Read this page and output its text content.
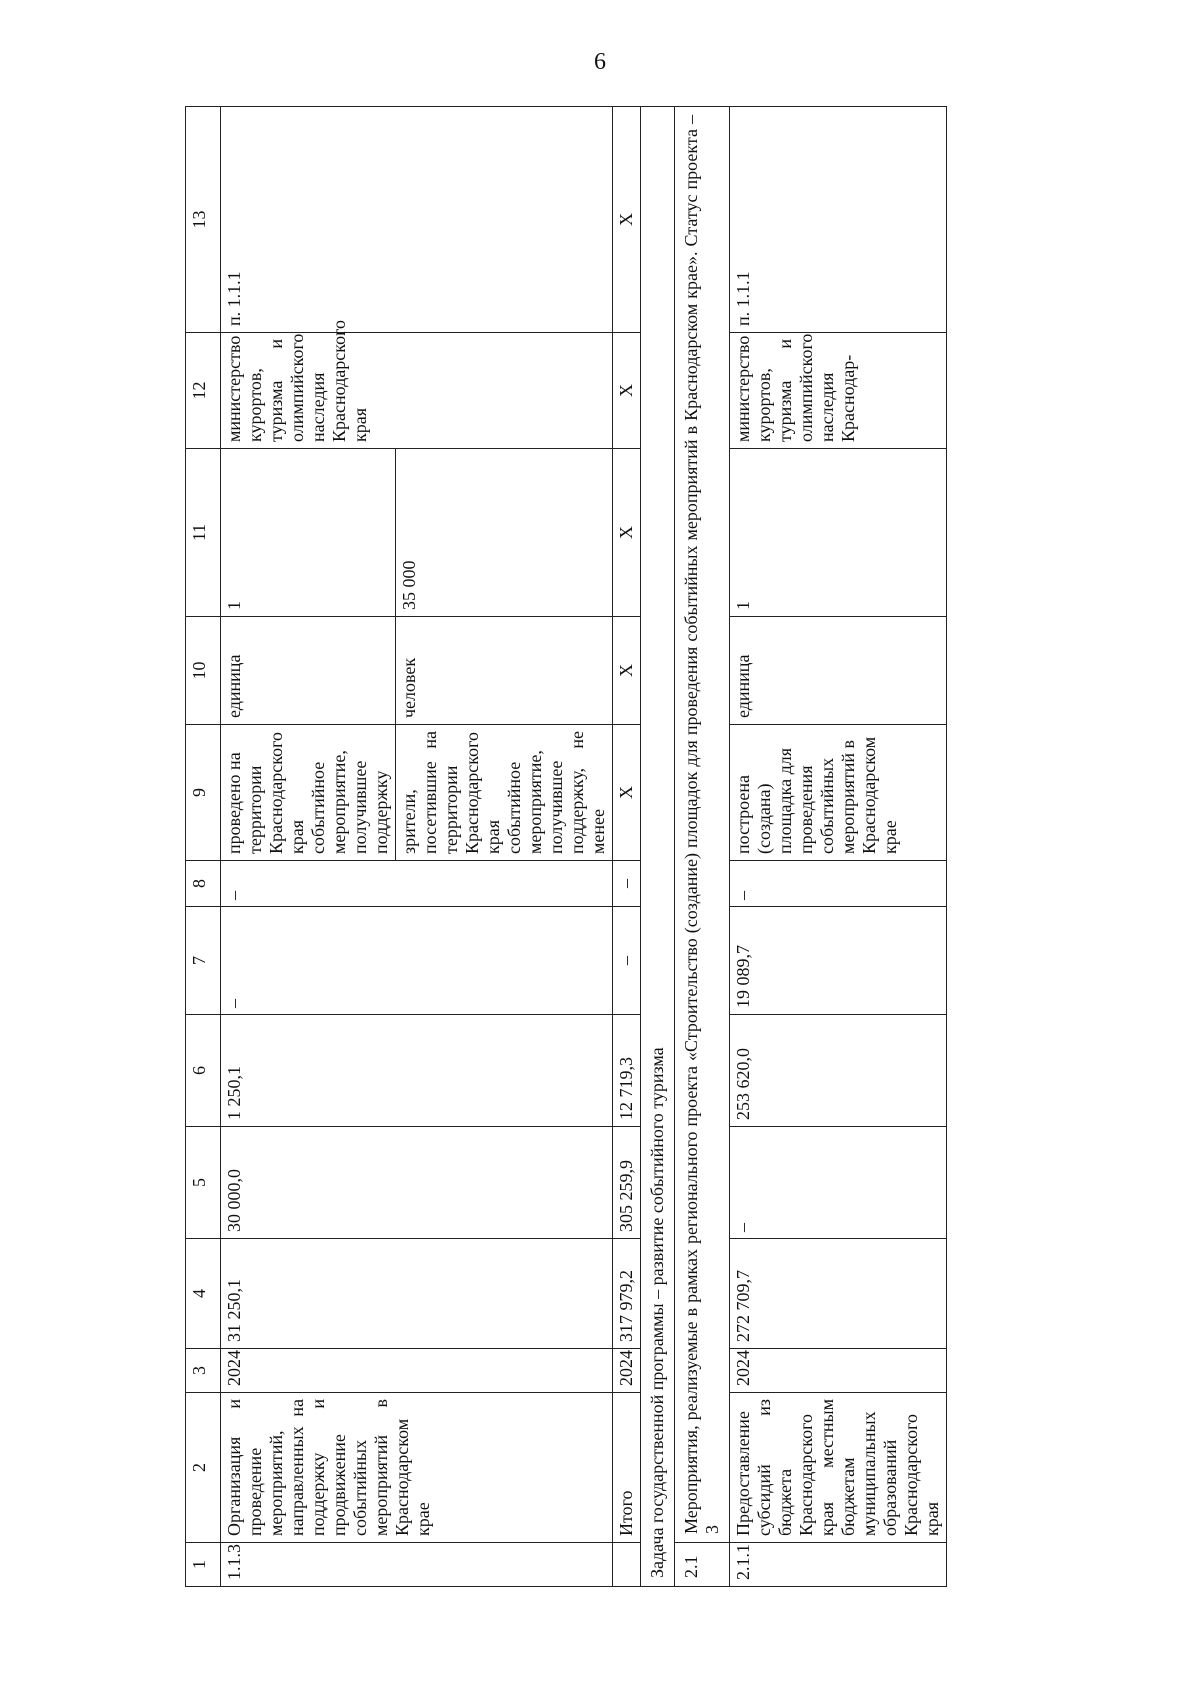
6
1	2	3	4	5	6	7	8	9	10	11	12	13
1.1.3	Организация и проведение мероприятий, направленных на поддержку и продвижение событийных мероприятий в Краснодарском крае	2024	31 250,1	30 000,0	1 250,1	–	–	проведено на территории Краснодарского края событийное мероприятие, получившее поддержку	единица	1	министерство курортов, туризма и олимпийского наследия Краснодарского края	п. 1.1.1
								зрители, посетившие на территории Краснодарского края событийное мероприятие, получившее поддержку, не менее	человек	35 000		
	Итого	2024	317 979,2	305 259,9	12 719,3	–	–	X	X	X	X	X
Задача государственной программы – развитие событийного туризма												
2.1	Мероприятия, реализуемые в рамках регионального проекта «Строительство (создание) площадок для проведения событийных мероприятий в Краснодарском крае». Статус проекта – 3											
2.1.1	Предоставление субсидий из бюджета Краснодарского края местным бюджетам муниципальных образований Краснодарского края	2024	272 709,7	–	253 620,0	19 089,7	–	построена (создана) площадка для проведения событийных мероприятий в Краснодарском крае	единица	1	министерство курортов, туризма и олимпийского наследия Краснодар-	п. 1.1.1
